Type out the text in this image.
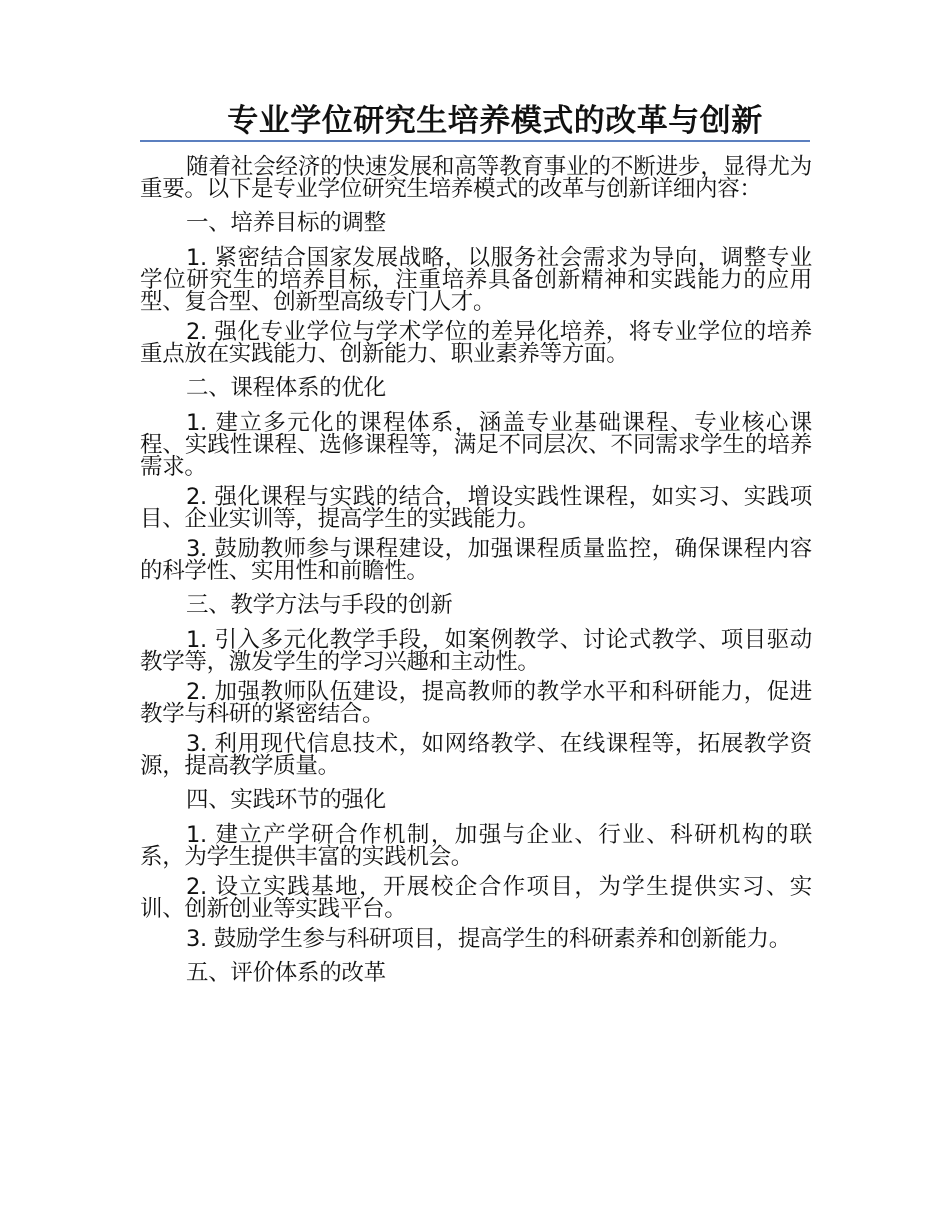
专业学位研究生培养模式的改革与创新

随着社会经济的快速发展和高等教育事业的不断进步，显得尤为重要。以下是专业学位研究生培养模式的改革与创新详细内容：

一、培养目标的调整

1. 紧密结合国家发展战略，以服务社会需求为导向，调整专业学位研究生的培养目标，注重培养具备创新精神和实践能力的应用型、复合型、创新型高级专门人才。

2. 强化专业学位与学术学位的差异化培养，将专业学位的培养重点放在实践能力、创新能力、职业素养等方面。

二、课程体系的优化

1. 建立多元化的课程体系，涵盖专业基础课程、专业核心课程、实践性课程、选修课程等，满足不同层次、不同需求学生的培养需求。

2. 强化课程与实践的结合，增设实践性课程，如实习、实践项目、企业实训等，提高学生的实践能力。

3. 鼓励教师参与课程建设，加强课程质量监控，确保课程内容的科学性、实用性和前瞻性。

三、教学方法与手段的创新

1. 引入多元化教学手段，如案例教学、讨论式教学、项目驱动教学等，激发学生的学习兴趣和主动性。

2. 加强教师队伍建设，提高教师的教学水平和科研能力，促进教学与科研的紧密结合。

3. 利用现代信息技术，如网络教学、在线课程等，拓展教学资源，提高教学质量。

四、实践环节的强化

1. 建立产学研合作机制，加强与企业、行业、科研机构的联系，为学生提供丰富的实践机会。

2. 设立实践基地，开展校企合作项目，为学生提供实习、实训、创新创业等实践平台。

3. 鼓励学生参与科研项目，提高学生的科研素养和创新能力。

五、评价体系的改革
